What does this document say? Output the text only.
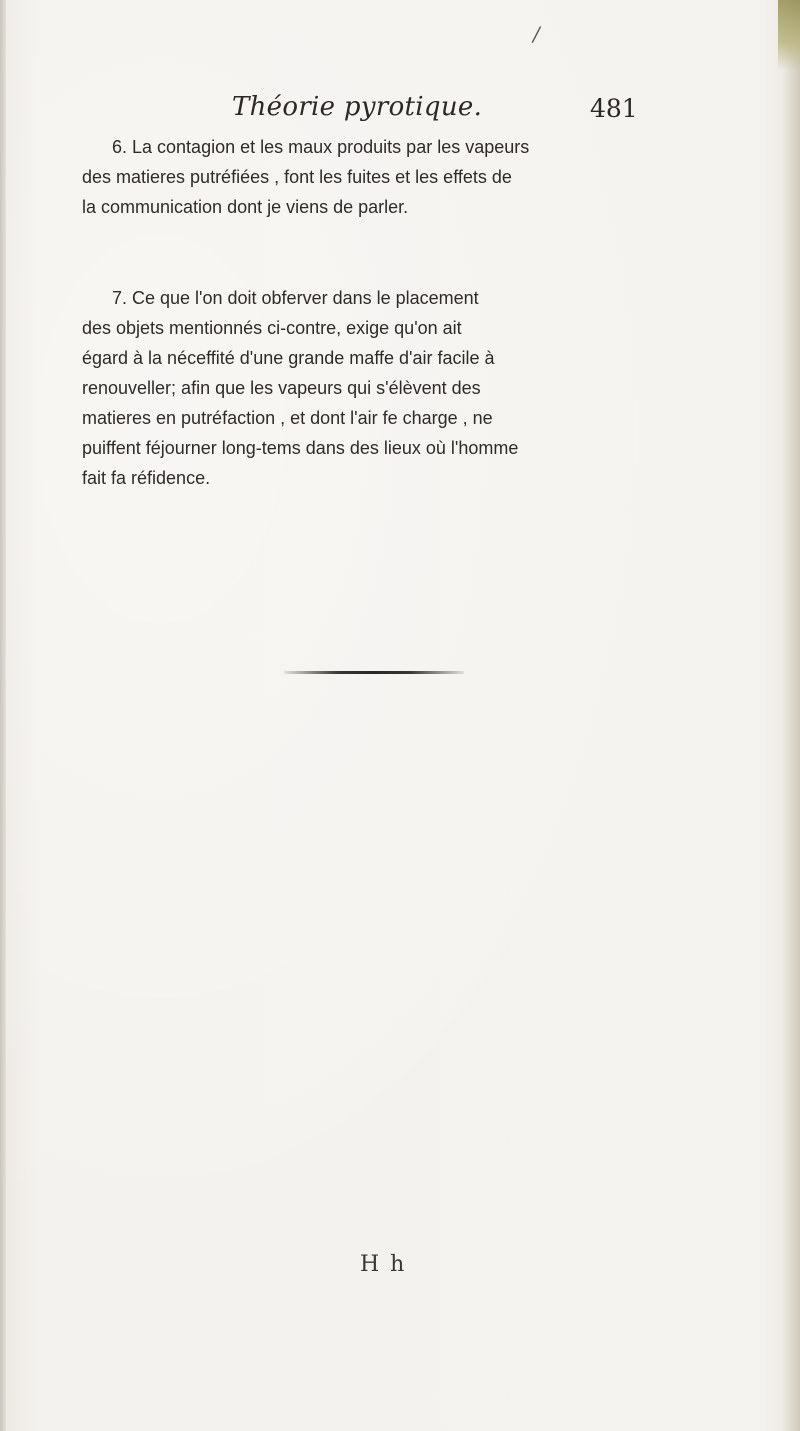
/
Théorie pyrotique.	481
6. La contagion et les maux produits par les vapeurs
des matieres putréfiées , font les fuites et les effets de
la communication dont je viens de parler.
7. Ce que l'on doit obferver dans le placement
des objets mentionnés ci-contre, exige qu'on ait
égard à la néceffité d'une grande maffe d'air facile à
renouveller; afin que les vapeurs qui s'élèvent des
matieres en putréfaction , et dont l'air fe charge , ne
puiffent féjourner long-tems dans des lieux où l'homme
fait fa réfidence.
H h
